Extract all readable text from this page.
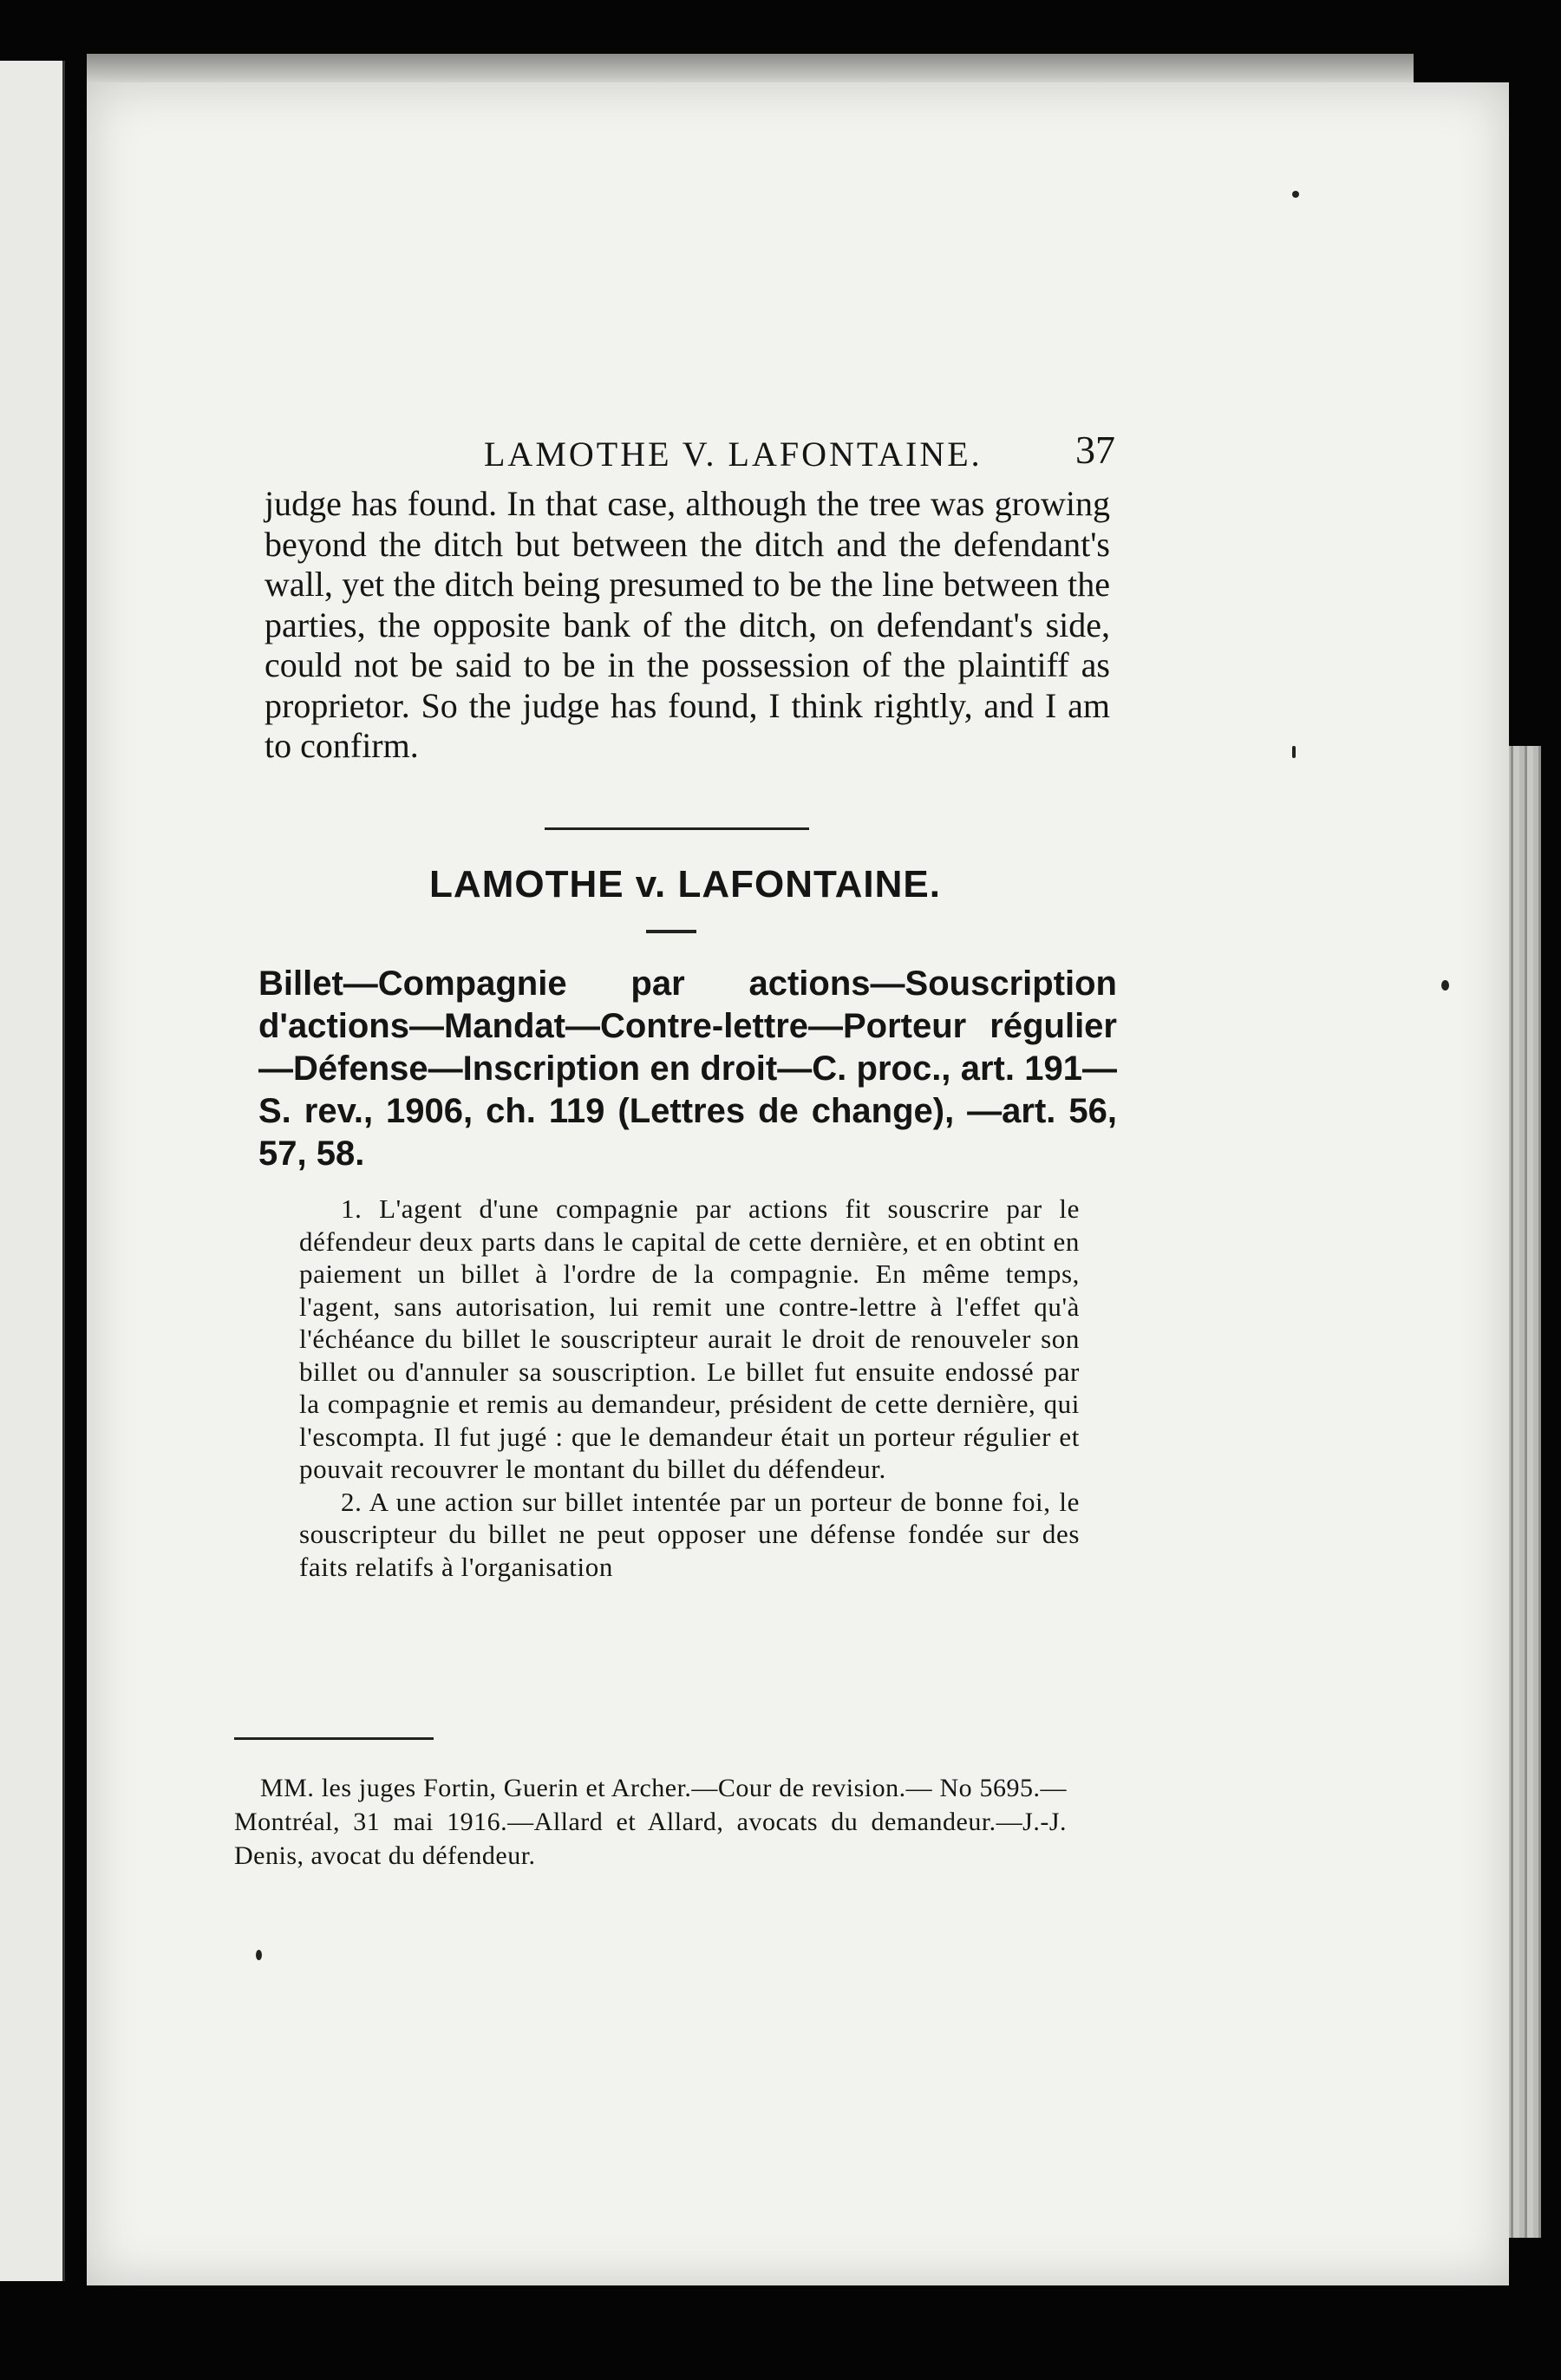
LAMOTHE V. LAFONTAINE.	37

judge has found. In that case, although the tree was growing beyond the ditch but between the ditch and the defendant's wall, yet the ditch being presumed to be the line between the parties, the opposite bank of the ditch, on defendant's side, could not be said to be in the possession of the plaintiff as proprietor. So the judge has found, I think rightly, and I am to confirm.

LAMOTHE v. LAFONTAINE.

Billet—Compagnie par actions—Souscription d'actions—Mandat—Contre-lettre—Porteur régulier —Défense—Inscription en droit—C. proc., art. 191—S. rev., 1906, ch. 119 (Lettres de change), —art. 56, 57, 58.

1. L'agent d'une compagnie par actions fit souscrire par le défendeur deux parts dans le capital de cette dernière, et en obtint en paiement un billet à l'ordre de la compagnie. En même temps, l'agent, sans autorisation, lui remit une contre-lettre à l'effet qu'à l'échéance du billet le souscripteur aurait le droit de renouveler son billet ou d'annuler sa souscription. Le billet fut ensuite endossé par la compagnie et remis au demandeur, président de cette dernière, qui l'escompta. Il fut jugé : que le demandeur était un porteur régulier et pouvait recouvrer le montant du billet du défendeur.

2. A une action sur billet intentée par un porteur de bonne foi, le souscripteur du billet ne peut opposer une défense fondée sur des faits relatifs à l'organisation

MM. les juges Fortin, Guerin et Archer.—Cour de revision.— No 5695.—Montréal, 31 mai 1916.—Allard et Allard, avocats du demandeur.—J.-J. Denis, avocat du défendeur.
